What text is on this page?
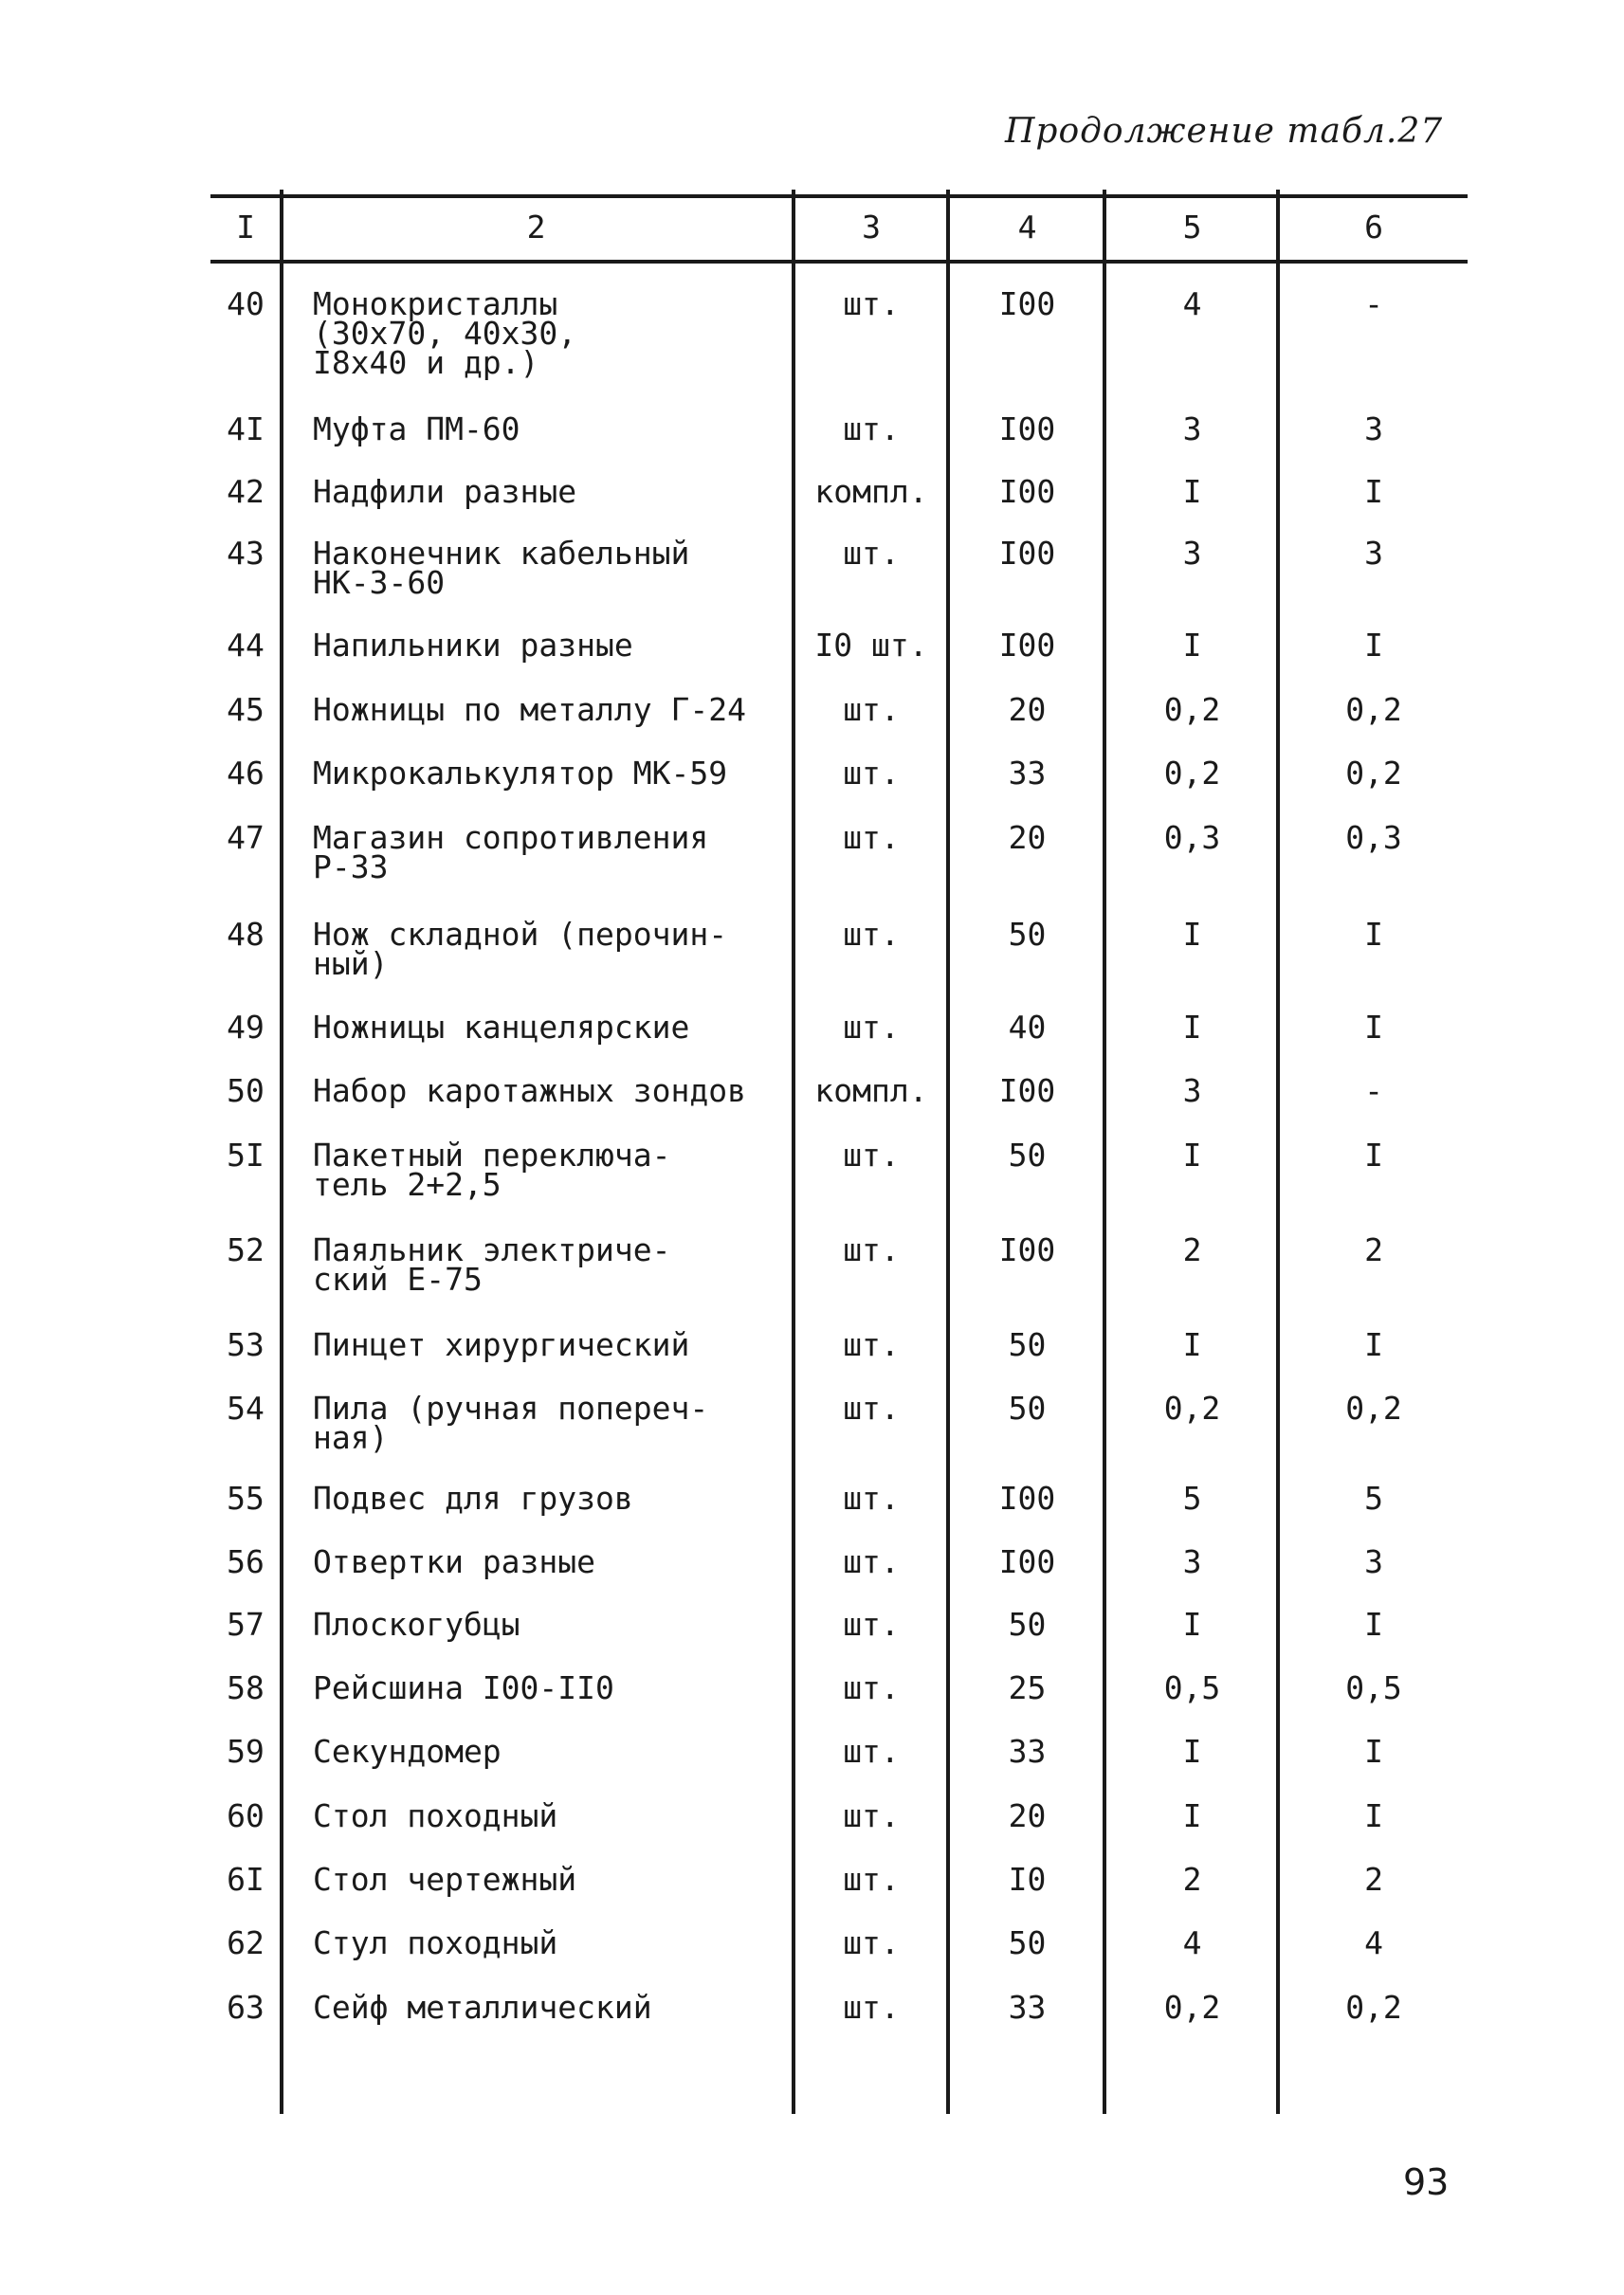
Продолжение табл.27
I	2	3	4	5	6
40	Монокристаллы
(30х70, 40х30,
I8х40 и др.)
шт.	I00	4	-
4I	Муфта ПМ-60	шт.	I00	3	3
42	Надфили разные	компл.	I00	I	I
43	Наконечник кабельный
НК-3-60
шт.	I00	3	3
44	Напильники разные	I0 шт.	I00	I	I
45	Ножницы по металлу Г-24	шт.	20	0,2	0,2
46	Микрокалькулятор МК-59	шт.	33	0,2	0,2
47	Магазин сопротивления
Р-33
шт.	20	0,3	0,3
48	Нож складной (перочин-
ный)
шт.	50	I	I
49	Ножницы канцелярские	шт.	40	I	I
50	Набор каротажных зондов	компл.	I00	3	-
5I	Пакетный переключа-
тель 2+2,5
шт.	50	I	I
52	Паяльник электриче-
ский Е-75
шт.	I00	2	2
53	Пинцет хирургический	шт.	50	I	I
54	Пила (ручная попереч-
ная)
шт.	50	0,2	0,2
55	Подвес для грузов	шт.	I00	5	5
56	Отвертки разные	шт.	I00	3	3
57	Плоскогубцы	шт.	50	I	I
58	Рейсшина I00-II0	шт.	25	0,5	0,5
59	Секундомер	шт.	33	I	I
60	Стол походный	шт.	20	I	I
6I	Стол чертежный	шт.	I0	2	2
62	Стул походный	шт.	50	4	4
63	Сейф металлический	шт.	33	0,2	0,2
93
